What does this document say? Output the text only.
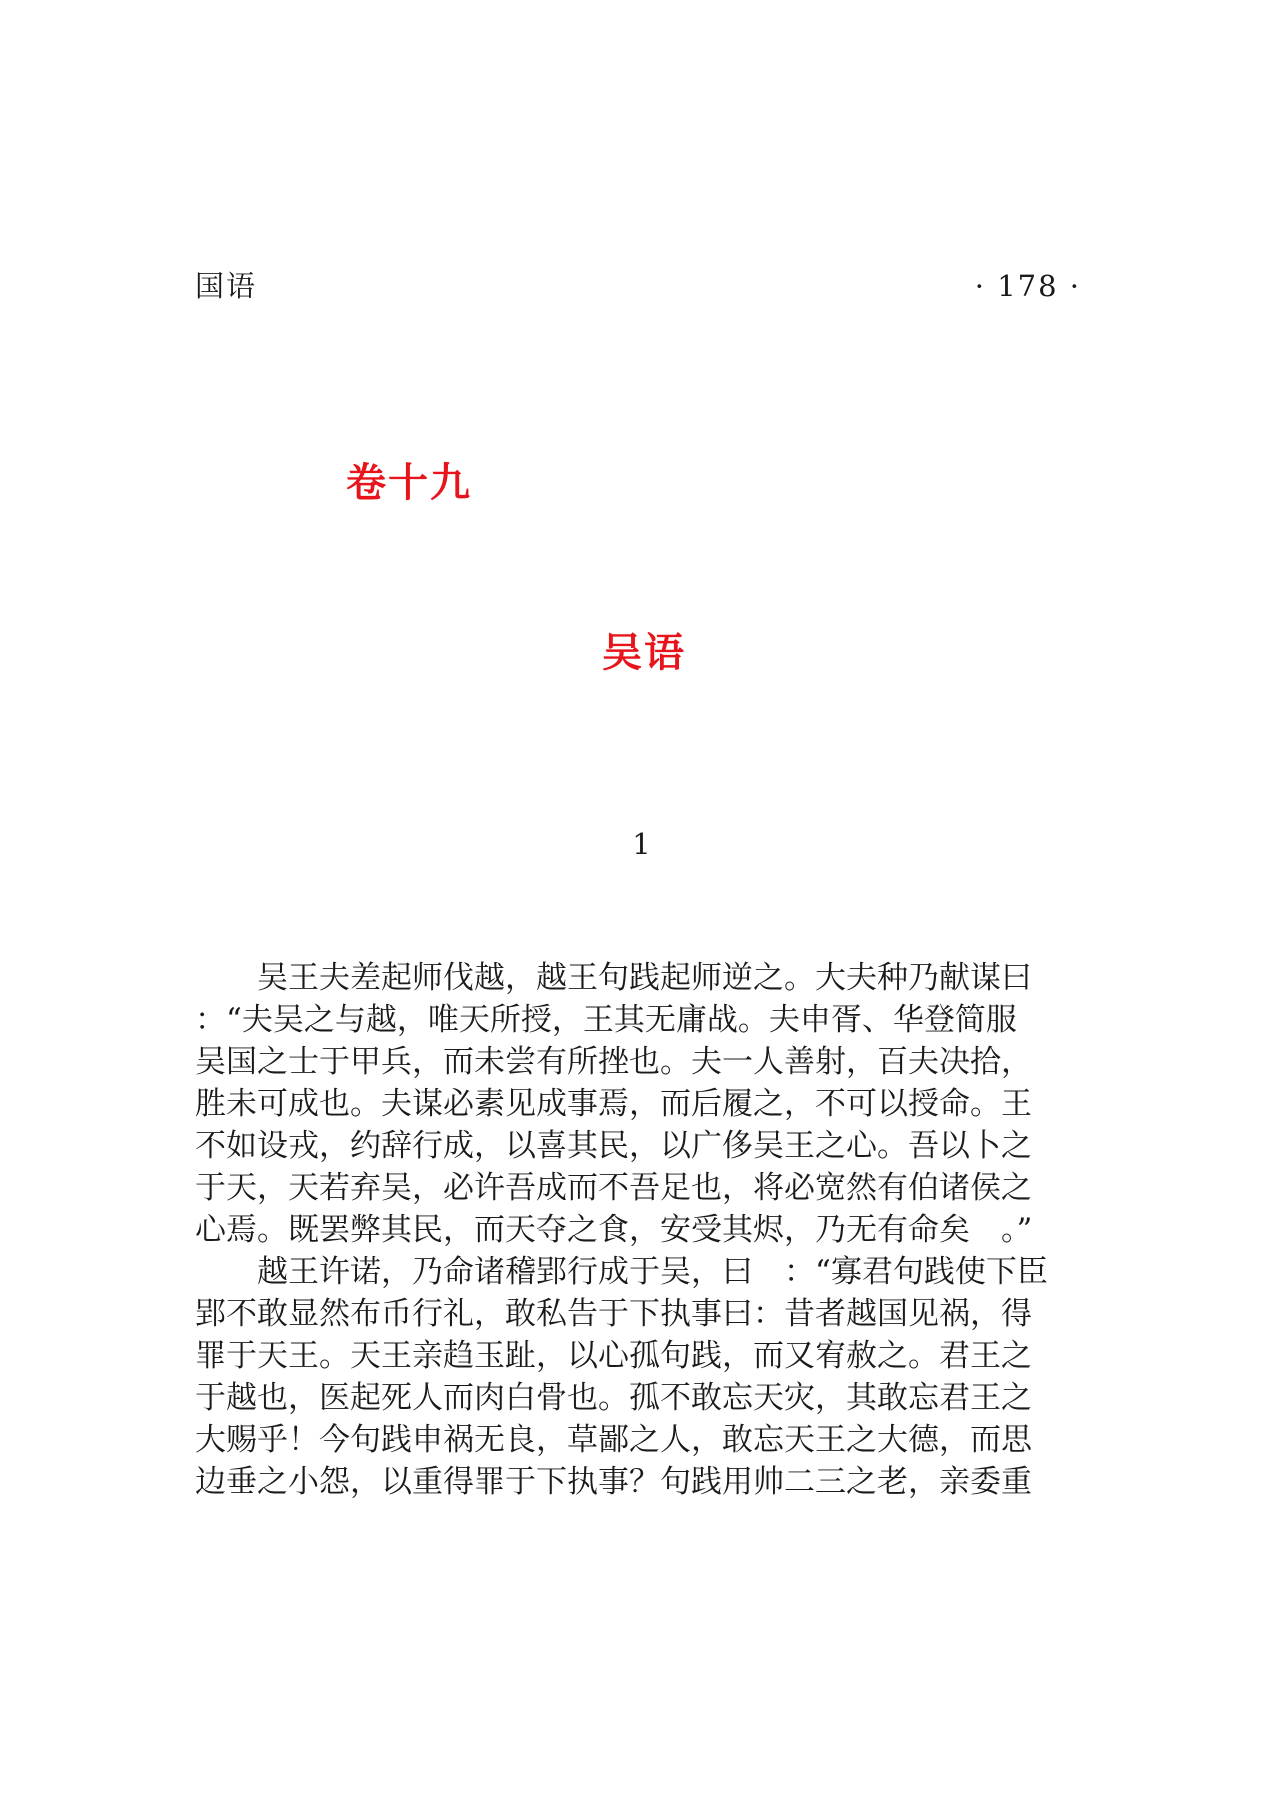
国语	· 178 ·
卷十九
吴语
1
　　吴王夫差起师伐越，越王句践起师逆之。大夫种乃献谋曰
：“夫吴之与越，唯天所授，王其无庸战。夫申胥、华登简服
吴国之士于甲兵，而未尝有所挫也。夫一人善射，百夫决拾，
胜未可成也。夫谋必素见成事焉，而后履之，不可以授命。王
不如设戎，约辞行成，以喜其民，以广侈吴王之心。吾以卜之
于天，天若弃吴，必许吾成而不吾足也，将必宽然有伯诸侯之
心焉。既罢弊其民，而天夺之食，安受其烬，乃无有命矣　。”
　　越王许诺，乃命诸稽郢行成于吴，曰　：“寡君句践使下臣
郢不敢显然布币行礼，敢私告于下执事曰：昔者越国见祸，得
罪于天王。天王亲趋玉趾，以心孤句践，而又宥赦之。君王之
于越也，医起死人而肉白骨也。孤不敢忘天灾，其敢忘君王之
大赐乎！今句践申祸无良，草鄙之人，敢忘天王之大德，而思
边垂之小怨，以重得罪于下执事？句践用帅二三之老，亲委重
